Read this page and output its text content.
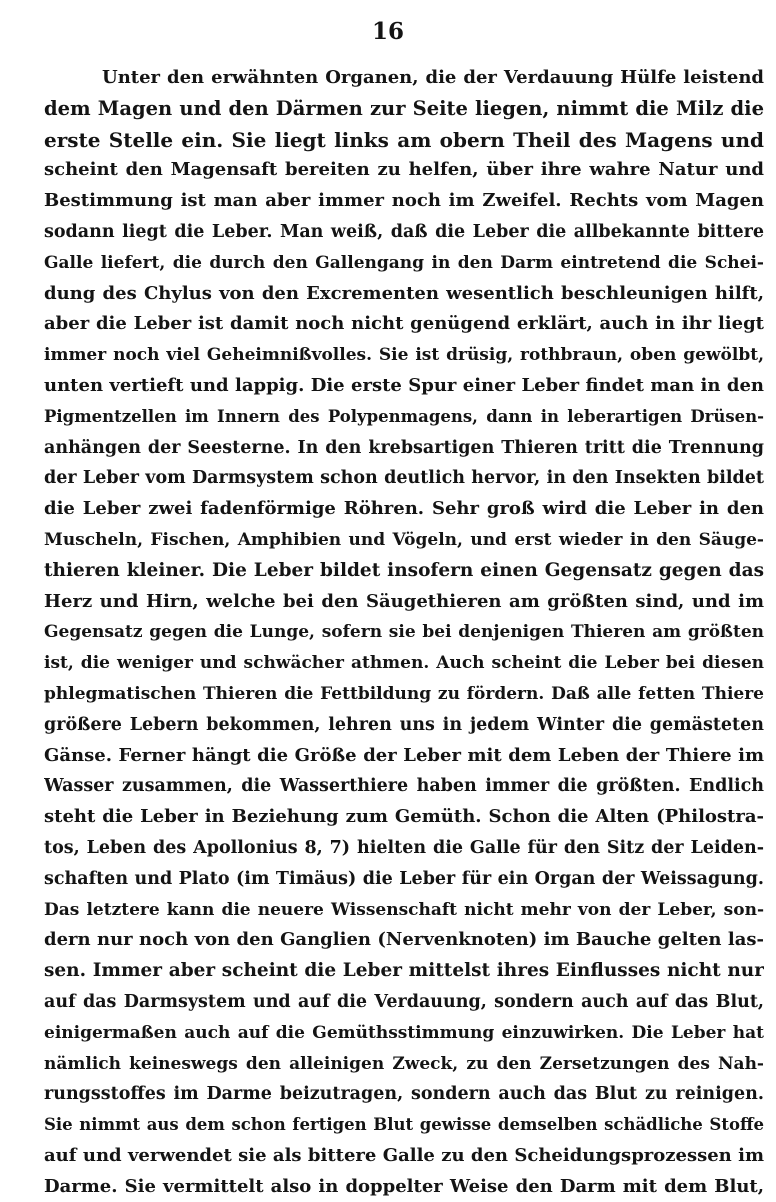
16
Unter den erwähnten Organen, die der Verdauung Hülfe leistend
dem Magen und den Därmen zur Seite liegen, nimmt die Milz die
erste Stelle ein. Sie liegt links am obern Theil des Magens und
scheint den Magensaft bereiten zu helfen, über ihre wahre Natur und
Bestimmung ist man aber immer noch im Zweifel. Rechts vom Magen
sodann liegt die Leber. Man weiß, daß die Leber die allbekannte bittere
Galle liefert, die durch den Gallengang in den Darm eintretend die Schei-
dung des Chylus von den Excrementen wesentlich beschleunigen hilft,
aber die Leber ist damit noch nicht genügend erklärt, auch in ihr liegt
immer noch viel Geheimnißvolles. Sie ist drüsig, rothbraun, oben gewölbt,
unten vertieft und lappig. Die erste Spur einer Leber findet man in den
Pigmentzellen im Innern des Polypenmagens, dann in leberartigen Drüsen-
anhängen der Seesterne. In den krebsartigen Thieren tritt die Trennung
der Leber vom Darmsystem schon deutlich hervor, in den Insekten bildet
die Leber zwei fadenförmige Röhren. Sehr groß wird die Leber in den
Muscheln, Fischen, Amphibien und Vögeln, und erst wieder in den Säuge-
thieren kleiner. Die Leber bildet insofern einen Gegensatz gegen das
Herz und Hirn, welche bei den Säugethieren am größten sind, und im
Gegensatz gegen die Lunge, sofern sie bei denjenigen Thieren am größten
ist, die weniger und schwächer athmen. Auch scheint die Leber bei diesen
phlegmatischen Thieren die Fettbildung zu fördern. Daß alle fetten Thiere
größere Lebern bekommen, lehren uns in jedem Winter die gemästeten
Gänse. Ferner hängt die Größe der Leber mit dem Leben der Thiere im
Wasser zusammen, die Wasserthiere haben immer die größten. Endlich
steht die Leber in Beziehung zum Gemüth. Schon die Alten (Philostra-
tos, Leben des Apollonius 8, 7) hielten die Galle für den Sitz der Leiden-
schaften und Plato (im Timäus) die Leber für ein Organ der Weissagung.
Das letztere kann die neuere Wissenschaft nicht mehr von der Leber, son-
dern nur noch von den Ganglien (Nervenknoten) im Bauche gelten las-
sen. Immer aber scheint die Leber mittelst ihres Einflusses nicht nur
auf das Darmsystem und auf die Verdauung, sondern auch auf das Blut,
einigermaßen auch auf die Gemüthsstimmung einzuwirken. Die Leber hat
nämlich keineswegs den alleinigen Zweck, zu den Zersetzungen des Nah-
rungsstoffes im Darme beizutragen, sondern auch das Blut zu reinigen.
Sie nimmt aus dem schon fertigen Blut gewisse demselben schädliche Stoffe
auf und verwendet sie als bittere Galle zu den Scheidungsprozessen im
Darme. Sie vermittelt also in doppelter Weise den Darm mit dem Blut,
